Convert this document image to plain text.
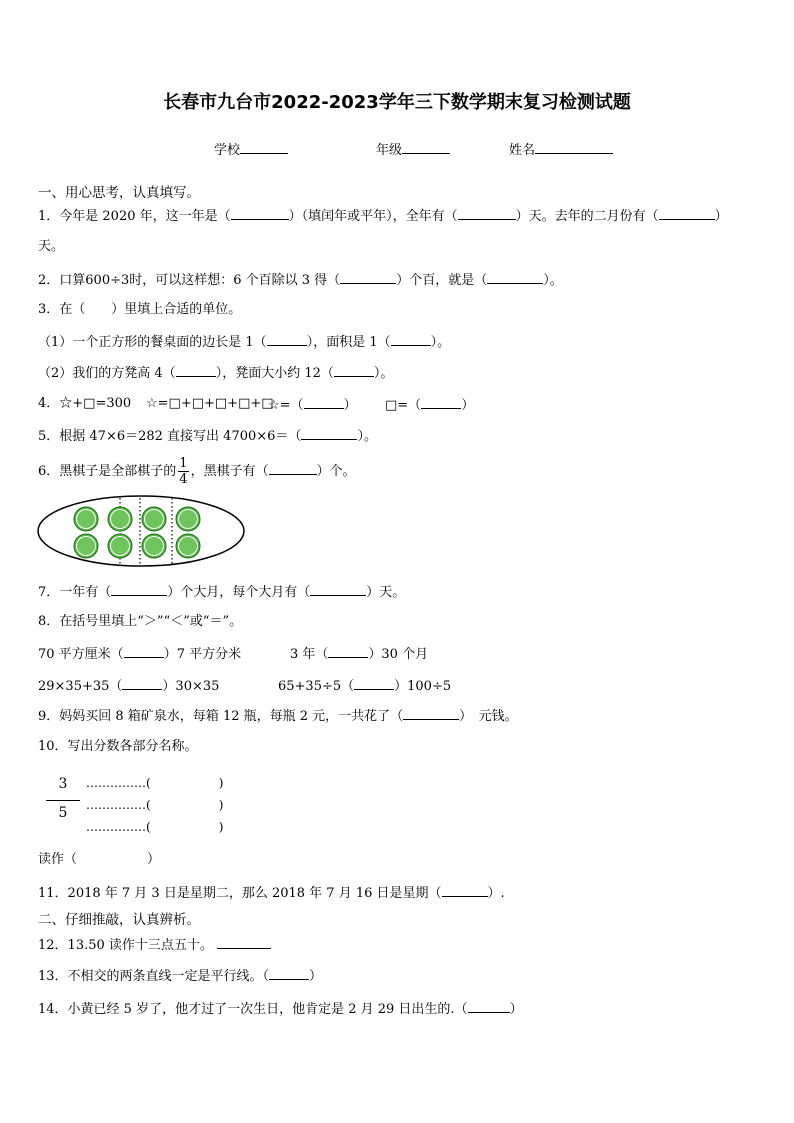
长春市九台市2022-2023学年三下数学期末复习检测试题
学校	年级	姓名
一、用心思考，认真填写。
1．今年是 2020 年，这一年是（	）（填闰年或平年），全年有（	）天。去年的二月份有（	）
天。
2．口算600÷3时，可以这样想：6 个百除以 3 得（	）个百，就是（	）。
3．在（　　）里填上合适的单位。
（1）一个正方形的餐桌面的边长是 1（	），面积是 1（	）。
（2）我们的方凳高 4（	），凳面大小约 12（	）。
4．☆+□=300 ☆=□+□+□+□+□
☆=（	） □=（	）
5．根据 47×6＝282 直接写出 4700×6＝（	）。
6．黑棋子是全部棋子的 $\frac{1}{4}$ ，黑棋子有（	）个。
7．一年有（	）个大月，每个大月有（	）天。
8．在括号里填上“＞”“＜”或“＝”。
70 平方厘米（	）7 平方分米	3 年（	）30 个月
29×35+35（	）30×35	65+35÷5（	）100÷5
9．妈妈买回 8 箱矿泉水，每箱 12 瓶，每瓶 2 元，一共花了（	）　元钱。
10．写出分数各部分名称。
3
5
……………(	)
……………(	)
……………(	)
读作（	）
11．2018 年 7 月 3 日是星期二，那么 2018 年 7 月 16 日是星期（	）.
二、仔细推敲，认真辨析。
12．13.50 读作十三点五十。
13．不相交的两条直线一定是平行线。（	）
14．小黄已经 5 岁了，他才过了一次生日，他肯定是 2 月 29 日出生的.（	）
